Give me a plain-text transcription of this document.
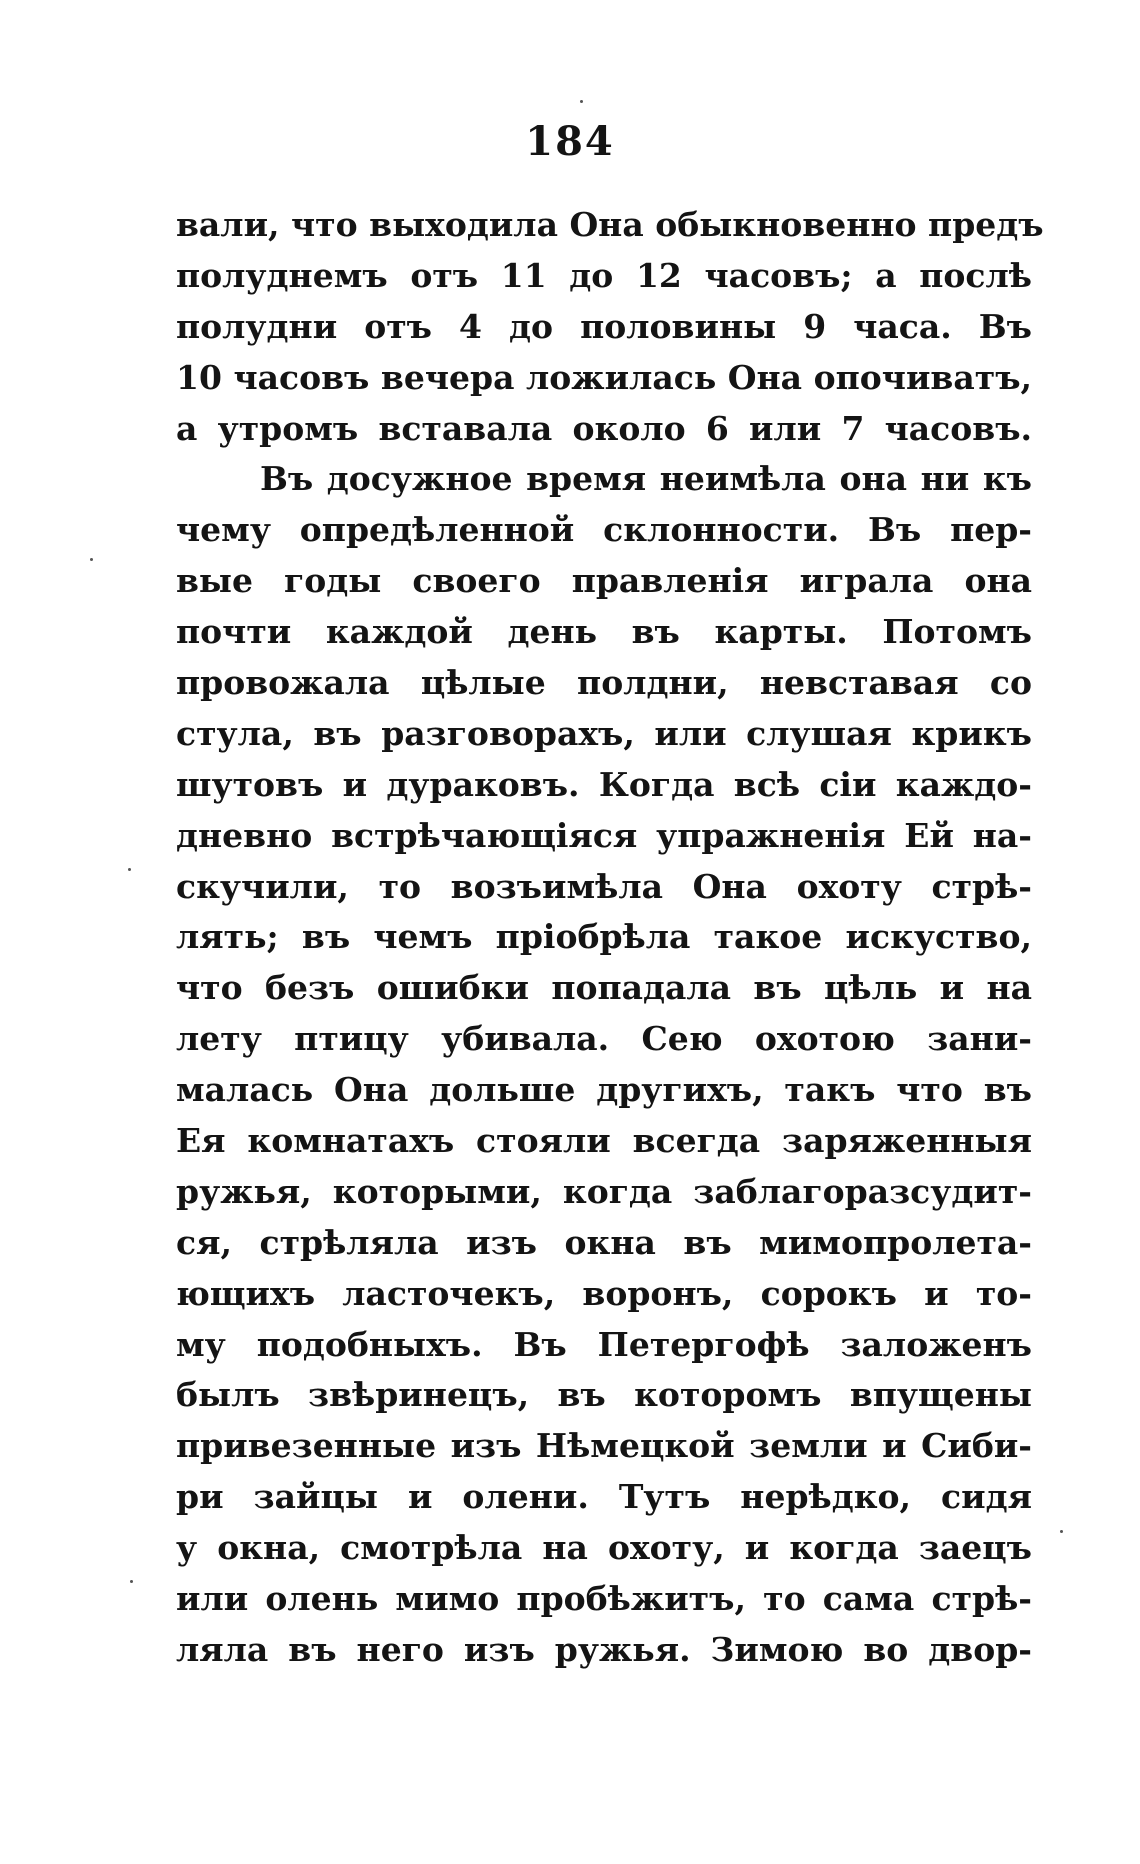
184
вали, что выходила Она обыкновенно предъ
полуднемъ отъ 11 до 12 часовъ; а послѣ
полудни отъ 4 до половины 9 часа. Въ
10 часовъ вечера ложилась Она опочиватъ,
а утромъ вставала около 6 или 7 часовъ.
Въ досужное время неимѣла она ни къ
чему опредѣленной склонности. Въ пер-
вые годы своего правленія играла она
почти каждой день въ карты. Потомъ
провожала цѣлые полдни, невставая со
стула, въ разговорахъ, или слушая крикъ
шутовъ и дураковъ. Когда всѣ сіи каждо-
дневно встрѣчающіяся упражненія Ей на-
скучили, то возъимѣла Она охоту стрѣ-
лять; въ чемъ пріобрѣла такое искуство,
что безъ ошибки попадала въ цѣль и на
лету птицу убивала. Сею охотою зани-
малась Она дольше другихъ, такъ что въ
Ея комнатахъ стояли всегда заряженныя
ружья, которыми, когда заблагоразсудит-
ся, стрѣляла изъ окна въ мимопролета-
ющихъ ласточекъ, воронъ, сорокъ и то-
му подобныхъ. Въ Петергофѣ заложенъ
былъ звѣринецъ, въ которомъ впущены
привезенные изъ Нѣмецкой земли и Сиби-
ри зайцы и олени. Тутъ нерѣдко, сидя
у окна, смотрѣла на охоту, и когда заецъ
или олень мимо пробѣжитъ, то сама стрѣ-
ляла въ него изъ ружья. Зимою во двор-
